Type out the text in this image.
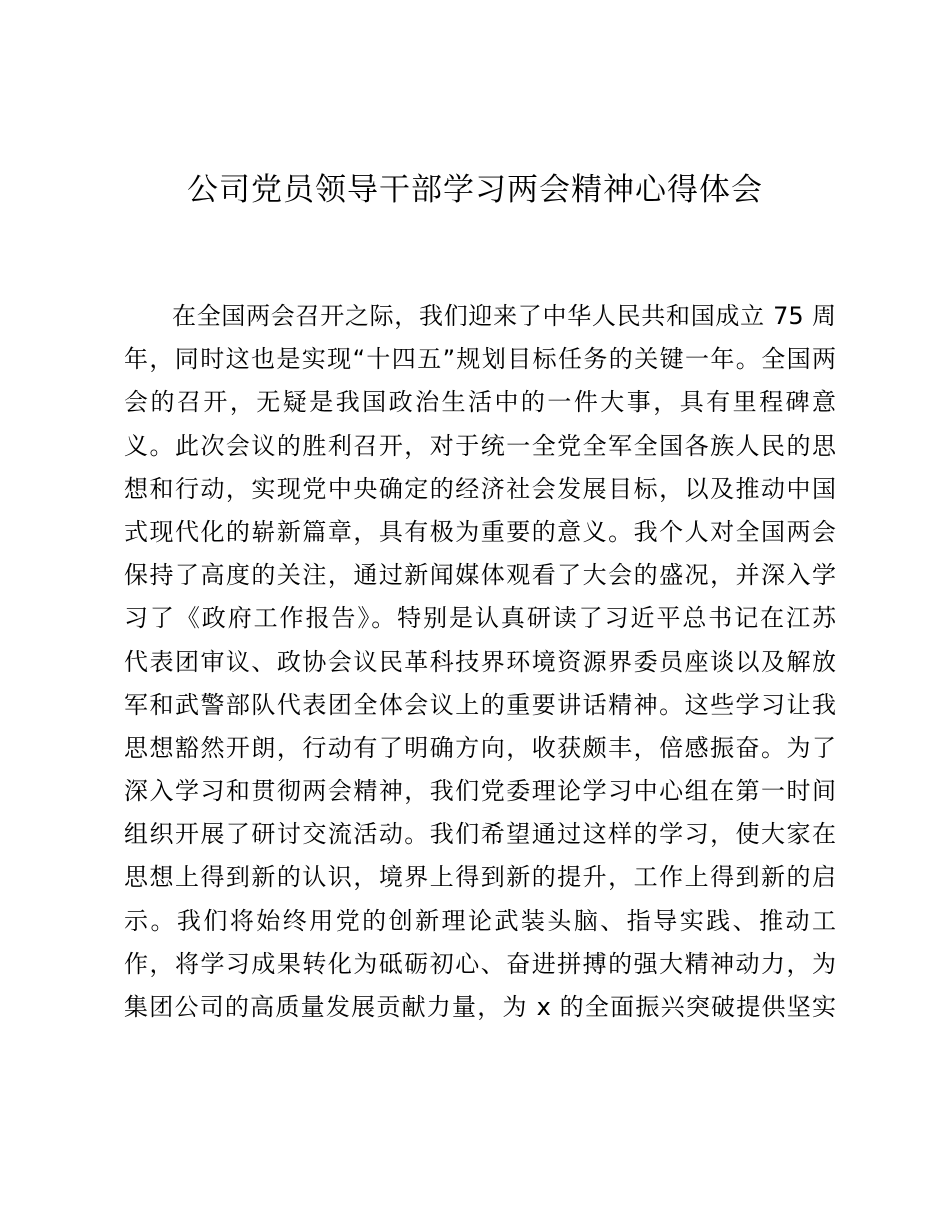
公司党员领导干部学习两会精神心得体会
在全国两会召开之际，我们迎来了中华人民共和国成立 75 周
年，同时这也是实现“十四五”规划目标任务的关键一年。全国两
会的召开，无疑是我国政治生活中的一件大事，具有里程碑意
义。此次会议的胜利召开，对于统一全党全军全国各族人民的思
想和行动，实现党中央确定的经济社会发展目标，以及推动中国
式现代化的崭新篇章，具有极为重要的意义。我个人对全国两会
保持了高度的关注，通过新闻媒体观看了大会的盛况，并深入学
习了《政府工作报告》。特别是认真研读了习近平总书记在江苏
代表团审议、政协会议民革科技界环境资源界委员座谈以及解放
军和武警部队代表团全体会议上的重要讲话精神。这些学习让我
思想豁然开朗，行动有了明确方向，收获颇丰，倍感振奋。为了
深入学习和贯彻两会精神，我们党委理论学习中心组在第一时间
组织开展了研讨交流活动。我们希望通过这样的学习，使大家在
思想上得到新的认识，境界上得到新的提升，工作上得到新的启
示。我们将始终用党的创新理论武装头脑、指导实践、推动工
作，将学习成果转化为砥砺初心、奋进拼搏的强大精神动力，为
集团公司的高质量发展贡献力量，为 x 的全面振兴突破提供坚实
